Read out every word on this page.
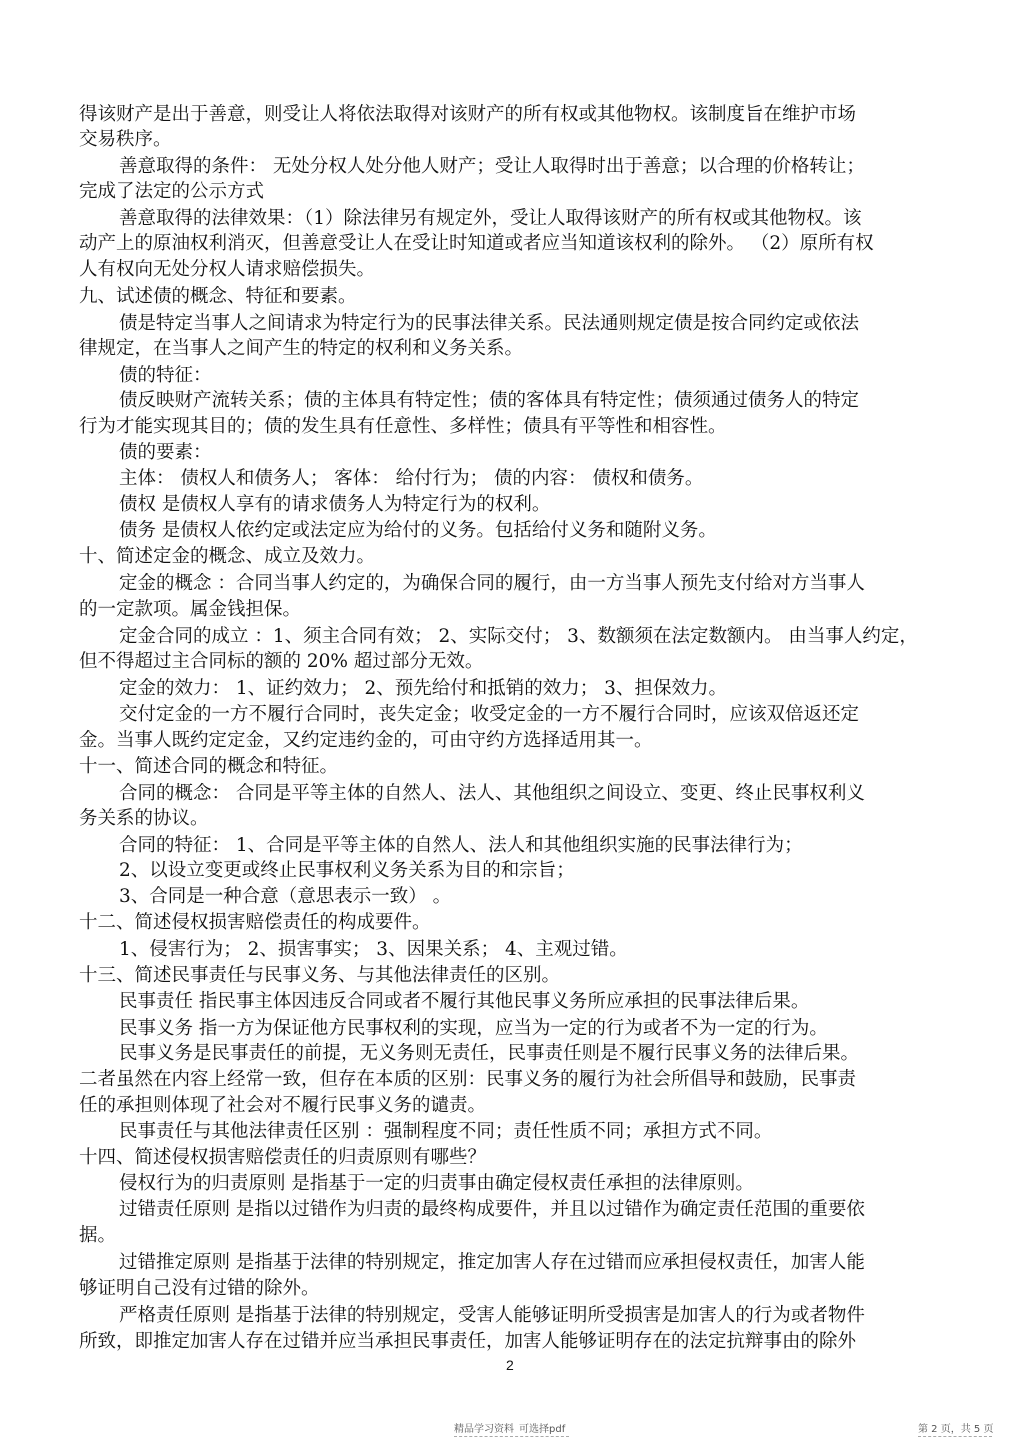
得该财产是出于善意，则受让人将依法取得对该财产的所有权或其他物权。该制度旨在维护市场
交易秩序。
善意取得的条件： 无处分权人处分他人财产；受让人取得时出于善意；以合理的价格转让；
完成了法定的公示方式
善意取得的法律效果：（1）除法律另有规定外，受让人取得该财产的所有权或其他物权。该
动产上的原油权利消灭，但善意受让人在受让时知道或者应当知道该权利的除外。 （2）原所有权
人有权向无处分权人请求赔偿损失。
九、试述债的概念、特征和要素。
债是特定当事人之间请求为特定行为的民事法律关系。民法通则规定债是按合同约定或依法
律规定，在当事人之间产生的特定的权利和义务关系。
债的特征：
债反映财产流转关系；债的主体具有特定性；债的客体具有特定性；债须通过债务人的特定
行为才能实现其目的；债的发生具有任意性、多样性；债具有平等性和相容性。
债的要素：
主体： 债权人和债务人； 客体： 给付行为； 债的内容： 债权和债务。
债权 是债权人享有的请求债务人为特定行为的权利。
债务 是债权人依约定或法定应为给付的义务。包括给付义务和随附义务。
十、简述定金的概念、成立及效力。
定金的概念 ：合同当事人约定的，为确保合同的履行，由一方当事人预先支付给对方当事人
的一定款项。属金钱担保。
定金合同的成立 ：1、须主合同有效； 2、实际交付； 3、数额须在法定数额内。 由当事人约定，
但不得超过主合同标的额的 20% 超过部分无效。
定金的效力： 1、证约效力； 2、预先给付和抵销的效力； 3、担保效力。
交付定金的一方不履行合同时，丧失定金；收受定金的一方不履行合同时，应该双倍返还定
金。当事人既约定定金，又约定违约金的，可由守约方选择适用其一。
十一、简述合同的概念和特征。
合同的概念： 合同是平等主体的自然人、法人、其他组织之间设立、变更、终止民事权利义
务关系的协议。
合同的特征： 1、合同是平等主体的自然人、法人和其他组织实施的民事法律行为；
2、以设立变更或终止民事权利义务关系为目的和宗旨；
3、合同是一种合意（意思表示一致） 。
十二、简述侵权损害赔偿责任的构成要件。
1、侵害行为； 2、损害事实； 3、因果关系； 4、主观过错。
十三、简述民事责任与民事义务、与其他法律责任的区别。
民事责任 指民事主体因违反合同或者不履行其他民事义务所应承担的民事法律后果。
民事义务 指一方为保证他方民事权利的实现，应当为一定的行为或者不为一定的行为。
民事义务是民事责任的前提，无义务则无责任，民事责任则是不履行民事义务的法律后果。
二者虽然在内容上经常一致，但存在本质的区别：民事义务的履行为社会所倡导和鼓励，民事责
任的承担则体现了社会对不履行民事义务的谴责。
民事责任与其他法律责任区别 ：强制程度不同；责任性质不同；承担方式不同。
十四、简述侵权损害赔偿责任的归责原则有哪些？
侵权行为的归责原则 是指基于一定的归责事由确定侵权责任承担的法律原则。
过错责任原则 是指以过错作为归责的最终构成要件，并且以过错作为确定责任范围的重要依
据。
过错推定原则 是指基于法律的特别规定，推定加害人存在过错而应承担侵权责任，加害人能
够证明自己没有过错的除外。
严格责任原则 是指基于法律的特别规定，受害人能够证明所受损害是加害人的行为或者物件
所致，即推定加害人存在过错并应当承担民事责任，加害人能够证明存在的法定抗辩事由的除外
2
精品学习资料 可选择pdf	第 2 页，共 5 页
